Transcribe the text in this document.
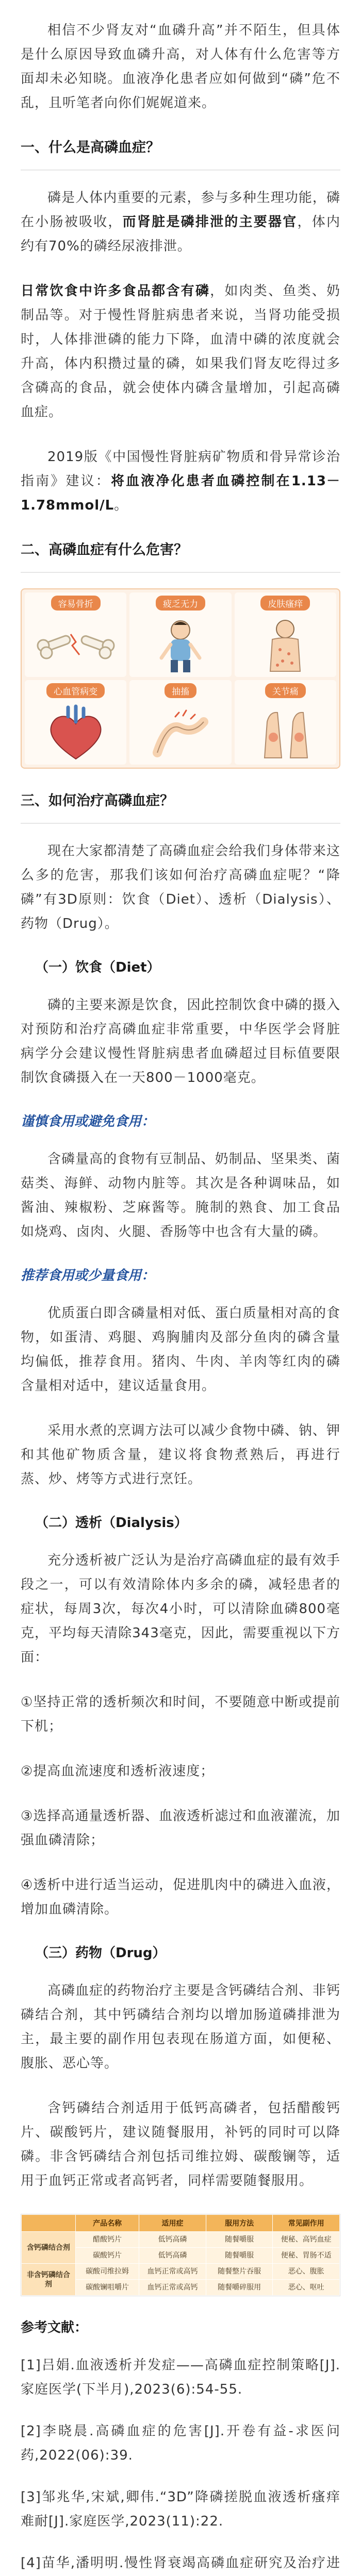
相信不少肾友对“血磷升高”并不陌生，但具体是什么原因导致血磷升高，对人体有什么危害等方面却未必知晓。血液净化患者应如何做到“磷”危不乱，且听笔者向你们娓娓道来。

一、什么是高磷血症？

磷是人体内重要的元素，参与多种生理功能，磷在小肠被吸收，而肾脏是磷排泄的主要器官，体内约有70%的磷经尿液排泄。

日常饮食中许多食品都含有磷，如肉类、鱼类、奶制品等。对于慢性肾脏病患者来说，当肾功能受损时，人体排泄磷的能力下降，血清中磷的浓度就会升高，体内积攒过量的磷，如果我们肾友吃得过多含磷高的食品，就会使体内磷含量增加，引起高磷血症。

2019版《中国慢性肾脏病矿物质和骨异常诊治指南》建议：将血液净化患者血磷控制在1.13－1.78mmol/L。

二、高磷血症有什么危害？
容易骨折	疲乏无力	皮肤瘙痒
心血管病变	抽搐	关节痛
三、如何治疗高磷血症？

现在大家都清楚了高磷血症会给我们身体带来这么多的危害，那我们该如何治疗高磷血症呢？“降磷”有3D原则：饮食（Diet）、透析（Dialysis）、药物（Drug）。

（一）饮食（Diet）

磷的主要来源是饮食，因此控制饮食中磷的摄入对预防和治疗高磷血症非常重要，中华医学会肾脏病学分会建议慢性肾脏病患者血磷超过目标值要限制饮食磷摄入在一天800－1000毫克。

谨慎食用或避免食用：

含磷量高的食物有豆制品、奶制品、坚果类、菌菇类、海鲜、动物内脏等。其次是各种调味品，如酱油、辣椒粉、芝麻酱等。腌制的熟食、加工食品如烧鸡、卤肉、火腿、香肠等中也含有大量的磷。

推荐食用或少量食用：

优质蛋白即含磷量相对低、蛋白质量相对高的食物，如蛋清、鸡腿、鸡胸脯肉及部分鱼肉的磷含量均偏低，推荐食用。猪肉、牛肉、羊肉等红肉的磷含量相对适中，建议适量食用。

采用水煮的烹调方法可以减少食物中磷、钠、钾和其他矿物质含量，建议将食物煮熟后，再进行蒸、炒、烤等方式进行烹饪。

（二）透析（Dialysis）

充分透析被广泛认为是治疗高磷血症的最有效手段之一，可以有效清除体内多余的磷，减轻患者的症状，每周3次，每次4小时，可以清除血磷800毫克，平均每天清除343毫克，因此，需要重视以下方面：

①坚持正常的透析频次和时间，不要随意中断或提前下机；

②提高血流速度和透析液速度；

③选择高通量透析器、血液透析滤过和血液灌流，加强血磷清除；

④透析中进行适当运动，促进肌肉中的磷进入血液，增加血磷清除。

（三）药物（Drug）

高磷血症的药物治疗主要是含钙磷结合剂、非钙磷结合剂，其中钙磷结合剂均以增加肠道磷排泄为主，最主要的副作用包表现在肠道方面，如便秘、腹胀、恶心等。

含钙磷结合剂适用于低钙高磷者，包括醋酸钙片、碳酸钙片，建议随餐服用，补钙的同时可以降磷。非含钙磷结合剂包括司维拉姆、碳酸镧等，适用于血钙正常或者高钙者，同样需要随餐服用。

	产品名称	适用症	服用方法	常见副作用
含钙磷结合剂	醋酸钙片	低钙高磷	随餐嚼服	便秘、高钙血症
	碳酸钙片	低钙高磷	随餐嚼服	便秘、胃肠不适
非含钙磷结合剂	碳酸司维拉姆	血钙正常或高钙	随餐整片吞服	恶心、腹胀
	碳酸镧咀嚼片	血钙正常或高钙	随餐嚼碎服用	恶心、呕吐
参考文献：

[1]吕娟.血液透析并发症——高磷血症控制策略[J].家庭医学(下半月),2023(6):54-55.

[2]李晓晨.高磷血症的危害[J].开卷有益-求医问药,2022(06):39.

[3]邹兆华,宋斌,卿伟.“3D”降磷搓脱血液透析瘙痒难耐[J].家庭医学,2023(11):22.

[4]苗华,潘明明.慢性肾衰竭高磷血症研究及治疗进
